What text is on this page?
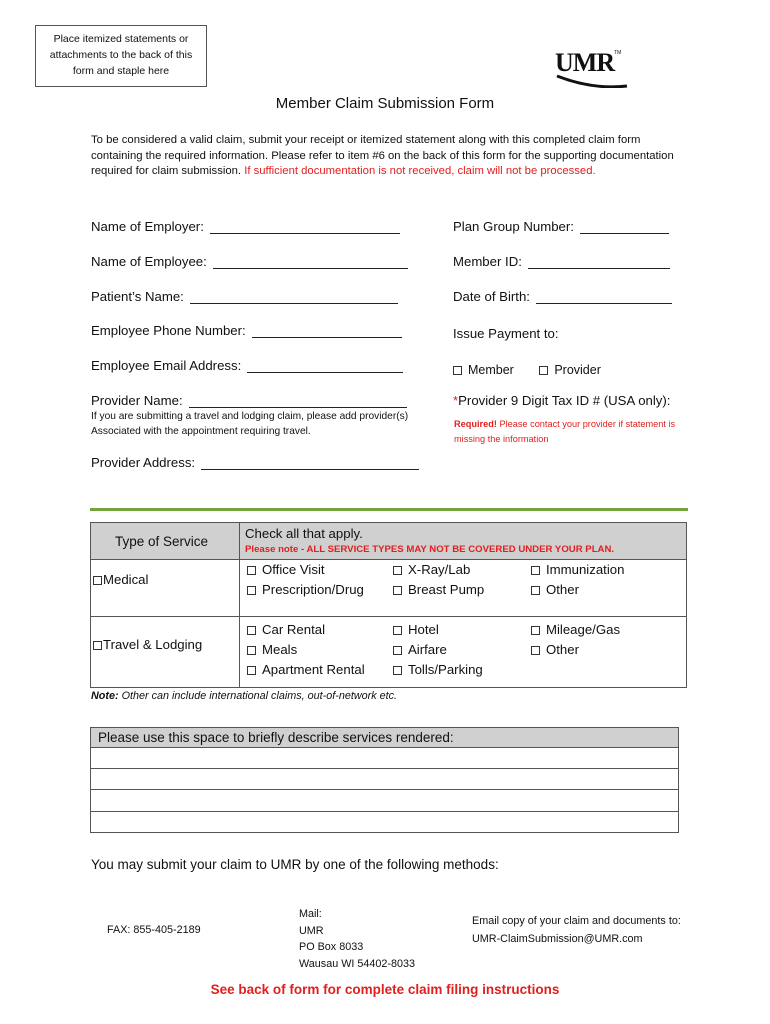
Place itemized statements or
attachments to the back of this
form and staple here	UMR™
Member Claim Submission Form
To be considered a valid claim, submit your receipt or itemized statement along with this completed claim form containing the required information. Please refer to item #6 on the back of this form for the supporting documentation required for claim submission. If sufficient documentation is not received, claim will not be processed.
Name of Employer:
Name of Employee:
Patient’s Name:
Employee Phone Number:
Employee Email Address:
Provider Name:
If you are submitting a travel and lodging claim, please add provider(s) Associated with the appointment requiring travel.
Provider Address:
Plan Group Number:
Member ID:
Date of Birth:
Issue Payment to:
Member	Provider
* Provider 9 Digit Tax ID # (USA only):
Required! Please contact your provider if statement is missing the information
Type of Service
Check all that apply.
Please note - ALL SERVICE TYPES MAY NOT BE COVERED UNDER YOUR PLAN.
Medical
Office Visit	X-Ray/Lab	Immunization
Prescription/Drug	Breast Pump	Other
Travel & Lodging
Car Rental	Hotel	Mileage/Gas
Meals	Airfare	Other
Apartment Rental	Tolls/Parking
Note: Other can include international claims, out-of-network etc.
Please use this space to briefly describe services rendered:
You may submit your claim to UMR by one of the following methods:
FAX: 855-405-2189
Mail:
UMR
PO Box 8033
Wausau WI 54402-8033
Email copy of your claim and documents to:
UMR-ClaimSubmission@UMR.com
See back of form for complete claim filing instructions
